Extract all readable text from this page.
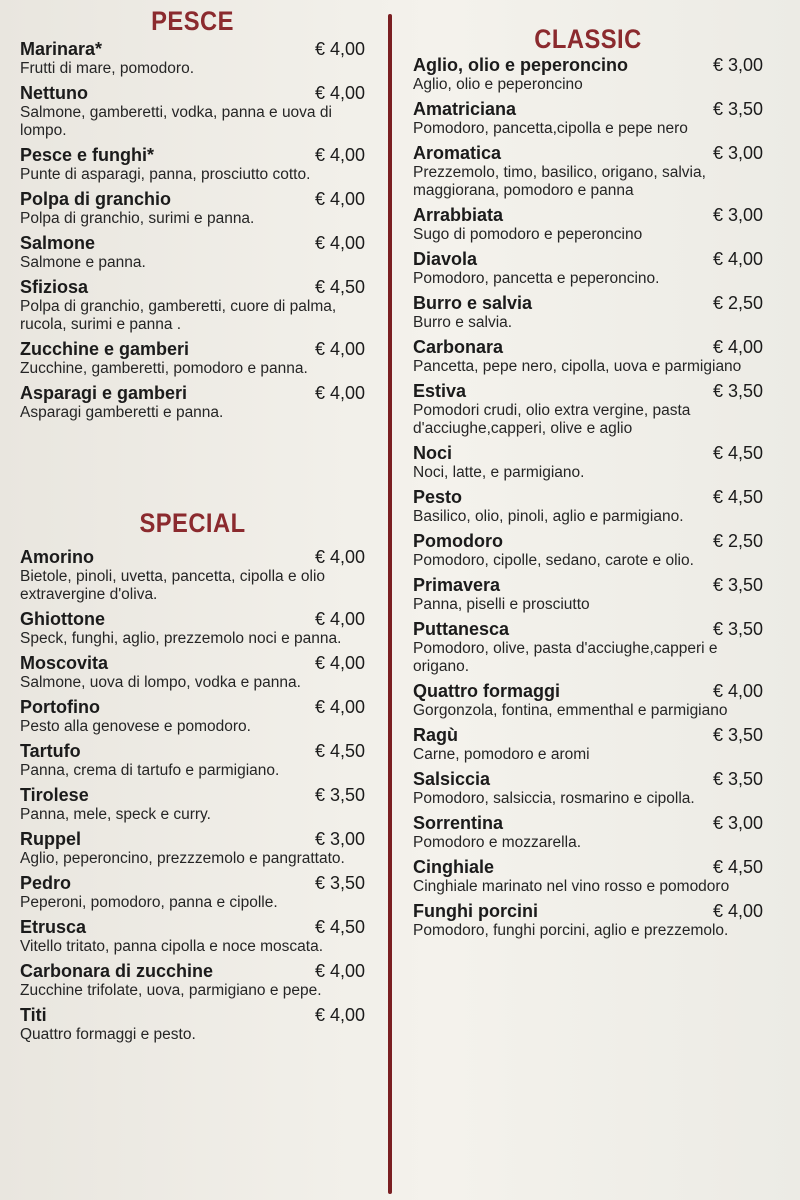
PESCE
Marinara*	€ 4,00
Frutti di mare, pomodoro.
Nettuno	€ 4,00
Salmone, gamberetti, vodka, panna e uova di lompo.
Pesce e funghi*	€ 4,00
Punte di asparagi, panna, prosciutto cotto.
Polpa di granchio	€ 4,00
Polpa di granchio, surimi e panna.
Salmone	€ 4,00
Salmone e panna.
Sfiziosa	€ 4,50
Polpa di granchio, gamberetti, cuore di palma, rucola, surimi e panna .
Zucchine e gamberi	€ 4,00
Zucchine, gamberetti, pomodoro e panna.
Asparagi e gamberi	€ 4,00
Asparagi gamberetti e panna.
SPECIAL
Amorino	€ 4,00
Bietole, pinoli, uvetta, pancetta, cipolla e olio extravergine d'oliva.
Ghiottone	€ 4,00
Speck, funghi, aglio, prezzemolo noci e panna.
Moscovita	€ 4,00
Salmone, uova di lompo, vodka e panna.
Portofino	€ 4,00
Pesto alla genovese e pomodoro.
Tartufo	€ 4,50
Panna, crema di tartufo e parmigiano.
Tirolese	€ 3,50
Panna, mele, speck e curry.
Ruppel	€ 3,00
Aglio, peperoncino, prezzzemolo e pangrattato.
Pedro	€ 3,50
Peperoni, pomodoro, panna e cipolle.
Etrusca	€ 4,50
Vitello tritato, panna cipolla e noce moscata.
Carbonara di zucchine	€ 4,00
Zucchine trifolate, uova, parmigiano e pepe.
Titi	€ 4,00
Quattro formaggi e pesto.
CLASSIC
Aglio, olio e peperoncino	€ 3,00
Aglio, olio e peperoncino
Amatriciana	€ 3,50
Pomodoro, pancetta,cipolla e pepe nero
Aromatica	€ 3,00
Prezzemolo, timo, basilico, origano, salvia, maggiorana, pomodoro e panna
Arrabbiata	€ 3,00
Sugo di pomodoro e peperoncino
Diavola	€ 4,00
Pomodoro, pancetta e peperoncino.
Burro e salvia	€ 2,50
Burro e salvia.
Carbonara	€ 4,00
Pancetta, pepe nero, cipolla, uova e parmigiano
Estiva	€ 3,50
Pomodori crudi, olio extra vergine, pasta d'acciughe,capperi, olive e aglio
Noci	€ 4,50
Noci, latte, e parmigiano.
Pesto	€ 4,50
Basilico, olio, pinoli, aglio e parmigiano.
Pomodoro	€ 2,50
Pomodoro, cipolle, sedano, carote e olio.
Primavera	€ 3,50
Panna, piselli e prosciutto
Puttanesca	€ 3,50
Pomodoro, olive, pasta d'acciughe,capperi e origano.
Quattro formaggi	€ 4,00
Gorgonzola, fontina, emmenthal e parmigiano
Ragù	€ 3,50
Carne, pomodoro e aromi
Salsiccia	€ 3,50
Pomodoro, salsiccia, rosmarino e cipolla.
Sorrentina	€ 3,00
Pomodoro e mozzarella.
Cinghiale	€ 4,50
Cinghiale marinato nel vino rosso e pomodoro
Funghi porcini	€ 4,00
Pomodoro, funghi porcini, aglio e prezzemolo.
